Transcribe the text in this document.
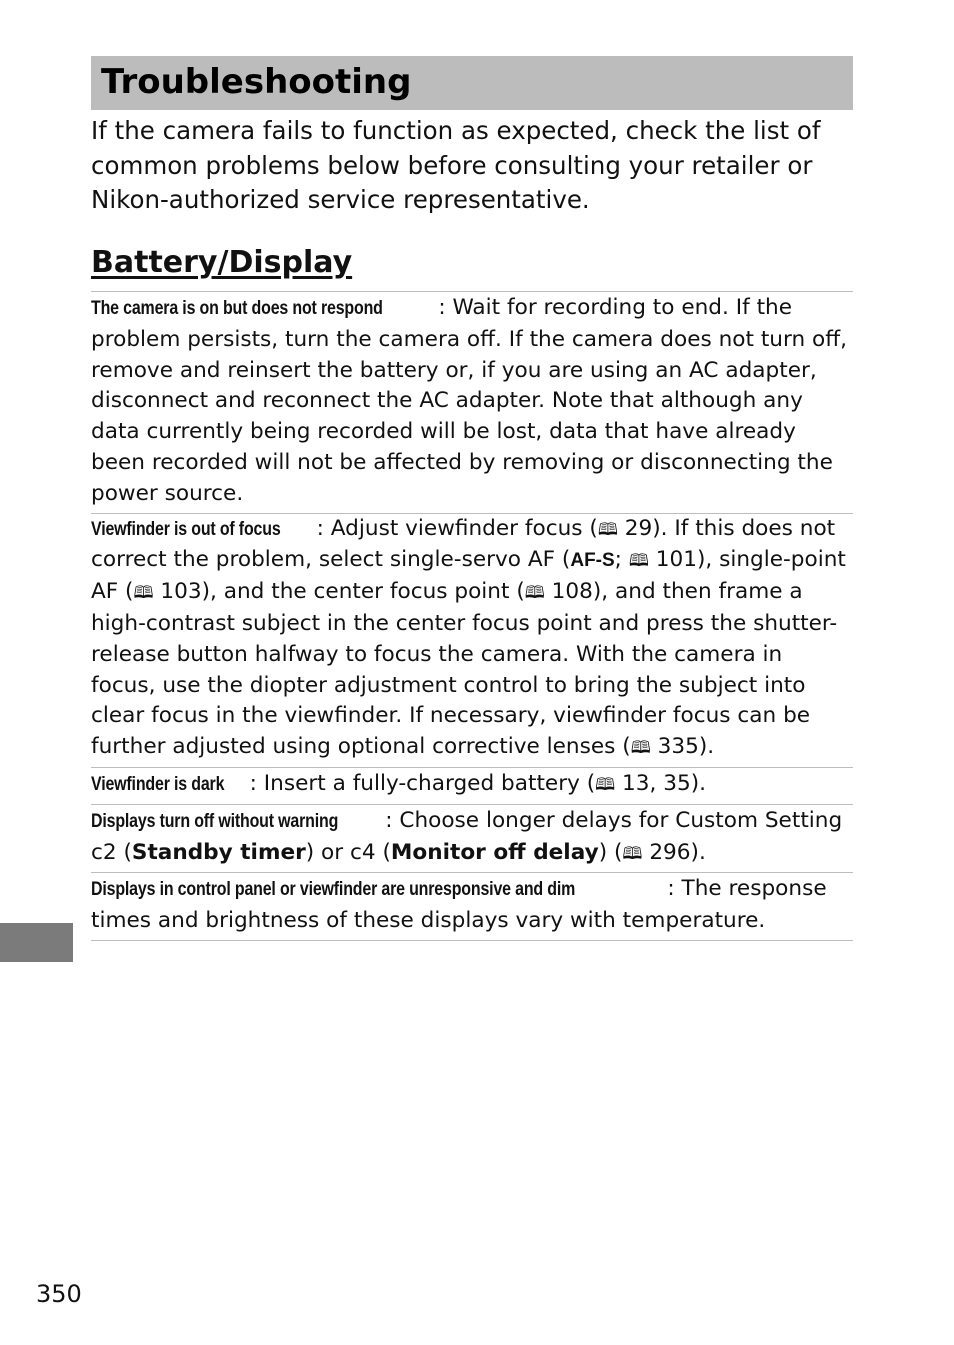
Troubleshooting

If the camera fails to function as expected, check the list of common problems below before consulting your retailer or Nikon-authorized service representative.

Battery/Display
The camera is on but does not respond	: Wait for recording to end. If the problem persists, turn the camera off. If the camera does not turn off, remove and reinsert the battery or, if you are using an AC adapter, disconnect and reconnect the AC adapter. Note that although any data currently being recorded will be lost, data that have already been recorded will not be affected by removing or disconnecting the power source.
Viewfinder is out of focus : Adjust viewfinder focus (🕮 29). If this does not correct the problem, select single-servo AF (AF-S; 🕮 101), single-point AF (🕮 103), and the center focus point (🕮 108), and then frame a high-contrast subject in the center focus point and press the shutter-release button halfway to focus the camera. With the camera in focus, use the diopter adjustment control to bring the subject into clear focus in the viewfinder. If necessary, viewfinder focus can be further adjusted using optional corrective lenses (🕮 335).
Viewfinder is dark : Insert a fully-charged battery (🕮 13, 35).
Displays turn off without warning : Choose longer delays for Custom Setting c2 (Standby timer) or c4 (Monitor off delay) (🕮 296).
Displays in control panel or viewfinder are unresponsive and dim	: The response times and brightness of these displays vary with temperature.
350
